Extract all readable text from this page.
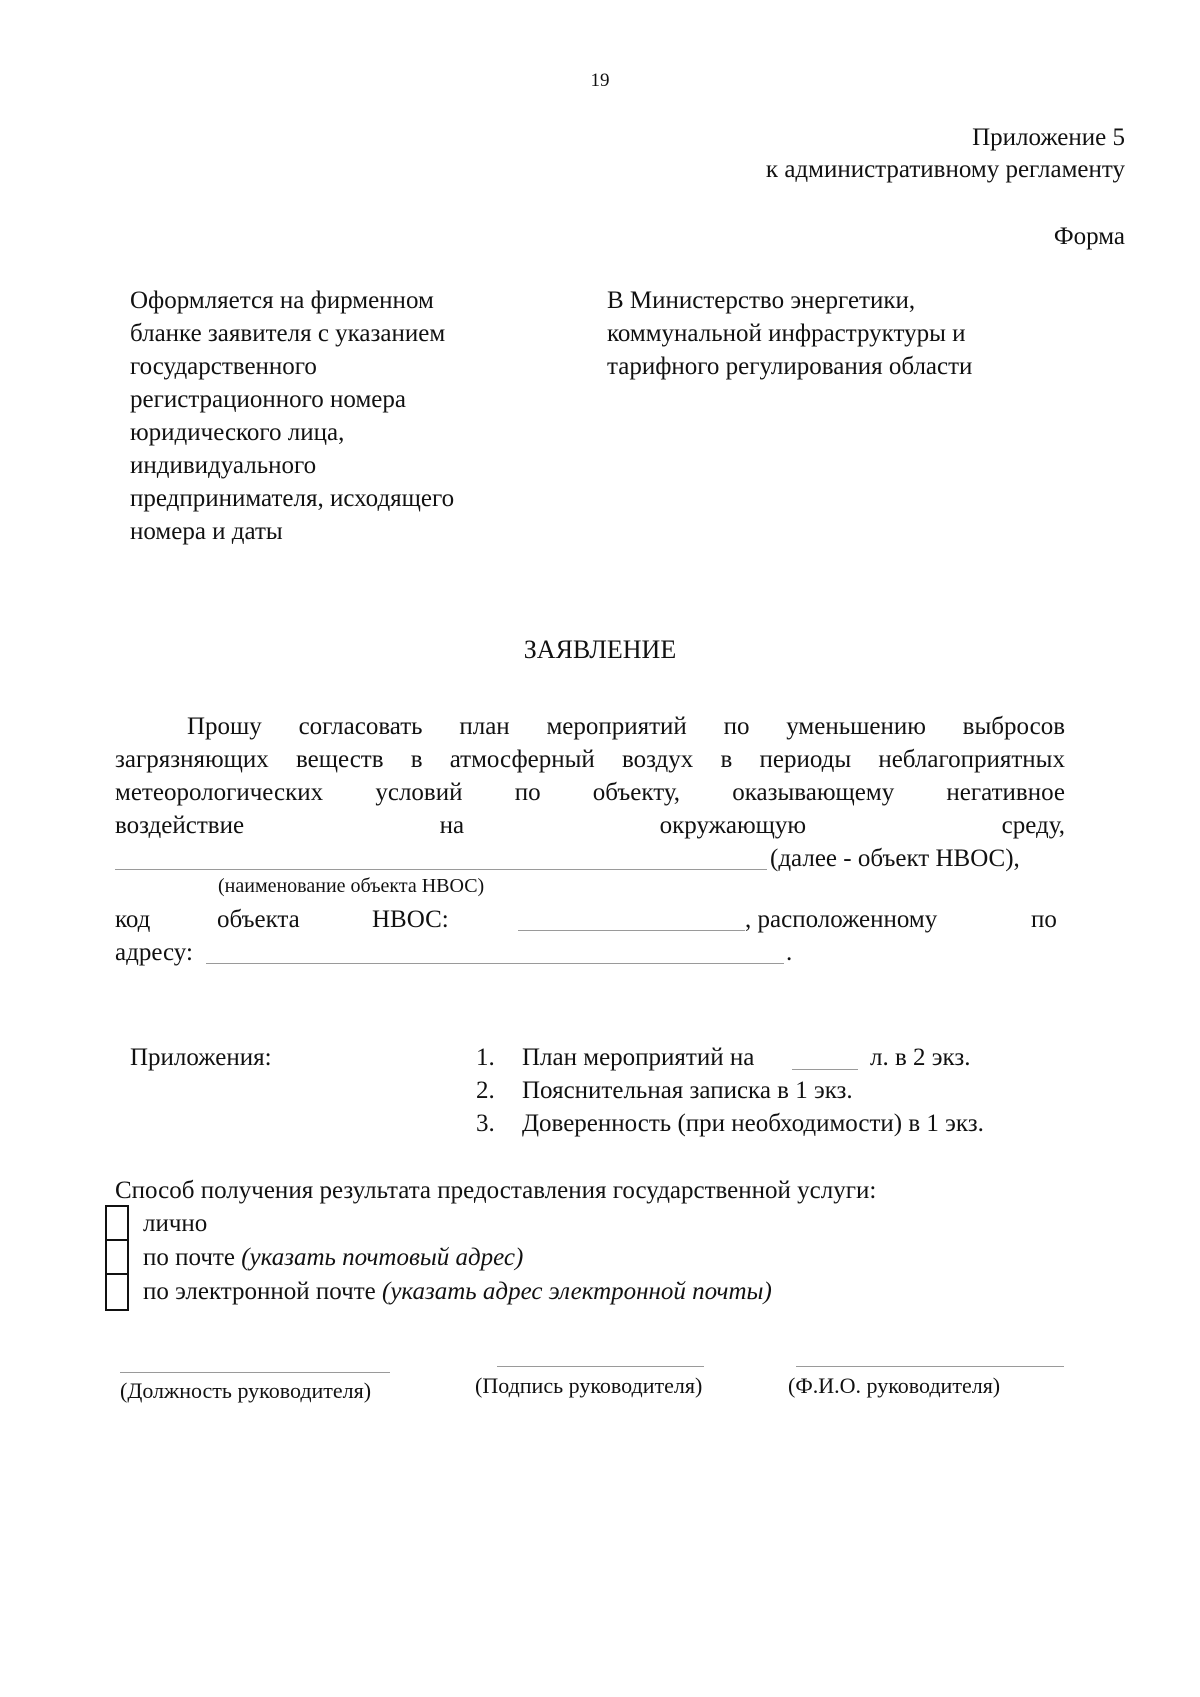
19
Приложение 5
к административному регламенту
Форма
Оформляется на фирменном
бланке заявителя с указанием
государственного
регистрационного номера
юридического лица,
индивидуального
предпринимателя, исходящего
номера и даты
В Министерство энергетики,
коммунальной инфраструктуры и
тарифного регулирования области
ЗАЯВЛЕНИЕ
Прошу согласовать план мероприятий по уменьшению выбросов
загрязняющих веществ в атмосферный воздух в периоды неблагоприятных
метеорологических условий по объекту, оказывающему негативное
воздействие	на	окружающую	среду,
(далее - объект НВОС),
(наименование объекта НВОС)
код	объекта	НВОС:	, расположенному	по
адресу:	.
Приложения:	1. План мероприятий на	л. в 2 экз.
2. Пояснительная записка в 1 экз.
3. Доверенность (при необходимости) в 1 экз.
Способ получения результата предоставления государственной услуги:
лично
по почте (указать почтовый адрес)
по электронной почте (указать адрес электронной почты)
(Должность руководителя)	(Подпись руководителя)	(Ф.И.О. руководителя)
